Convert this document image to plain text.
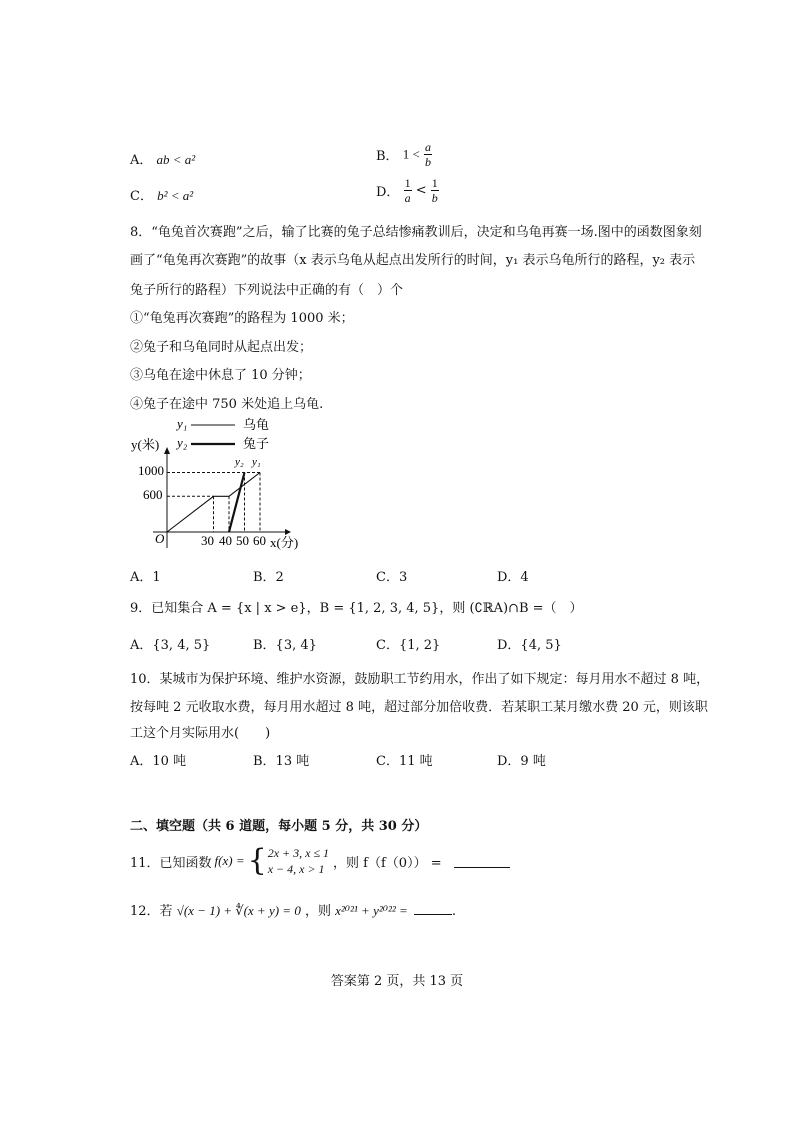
A． ab < a²	B． $1 < \frac{a}{b}$
C． b² < a²	D． $\frac{1}{a} < \frac{1}{b}$
8．“龟兔首次赛跑”之后，输了比赛的兔子总结惨痛教训后，决定和乌龟再赛一场.图中的函数图象刻
画了“龟兔再次赛跑”的故事（x 表示乌龟从起点出发所行的时间，y₁ 表示乌龟所行的路程，y₂ 表示
兔子所行的路程）下列说法中正确的有（　）个
①“龟兔再次赛跑”的路程为 1000 米；
②兔子和乌龟同时从起点出发；
③乌龟在途中休息了 10 分钟；
④兔子在途中 750 米处追上乌龟.
y₁	乌龟
y₂	兔子
y(米)
x(分)
O
1000
600
30 40 50 60
y₂ y₁
A．1	B．2	C．3	D．4
9．已知集合 A = {x | x > e}，B = {1, 2, 3, 4, 5}，则 (∁ℝA)∩B =（　）
A．{3, 4, 5}	B．{3, 4}	C．{1, 2}	D．{4, 5}
10．某城市为保护环境、维护水资源，鼓励职工节约用水，作出了如下规定：每月用水不超过 8 吨，
按每吨 2 元收取水费，每月用水超过 8 吨，超过部分加倍收费．若某职工某月缴水费 20 元，则该职
工这个月实际用水(　　)
A．10 吨	B．13 吨	C．11 吨	D．9 吨
二、填空题（共 6 道题，每小题 5 分，共 30 分）
11．已知函数 f(x) = { 2x + 3, x ≤ 1
x − 4, x > 1 ，则 f（f（0）） =
12．若 √(x − 1) + ∜(x + y) = 0 ，则 x²⁰²¹ + y²⁰²² =	.
答案第 2 页，共 13 页
